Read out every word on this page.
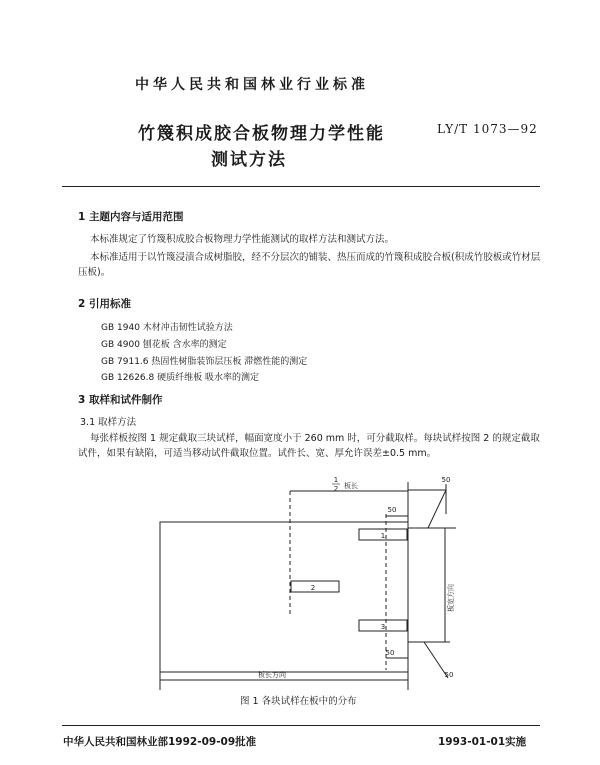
中华人民共和国林业行业标准
竹篾积成胶合板物理力学性能
测试方法
LY/T 1073—92
1 主题内容与适用范围
本标准规定了竹篾积成胶合板物理力学性能测试的取样方法和测试方法。
本标准适用于以竹篾浸渍合成树脂胶，经不分层次的铺装、热压而成的竹篾积成胶合板(积成竹胶板或竹材层压板)。
2 引用标准
GB 1940 木材冲击韧性试验方法
GB 4900 刨花板 含水率的测定
GB 7911.6 热固性树脂装饰层压板 滞燃性能的测定
GB 12626.8 硬质纤维板 吸水率的测定
3 取样和试件制作
3.1 取样方法
每张样板按图 1 规定截取三块试样，幅面宽度小于 260 mm 时，可分截取样。每块试样按图 2 的规定截取试件，如果有缺陷，可适当移动试件截取位置。试件长、宽、厚允许误差±0.5 mm。
1
2 板长
50
50
50
50
1
2
3
板长方向
板宽方向
图 1 各块试样在板中的分布
中华人民共和国林业部1992-09-09批准	1993-01-01实施
